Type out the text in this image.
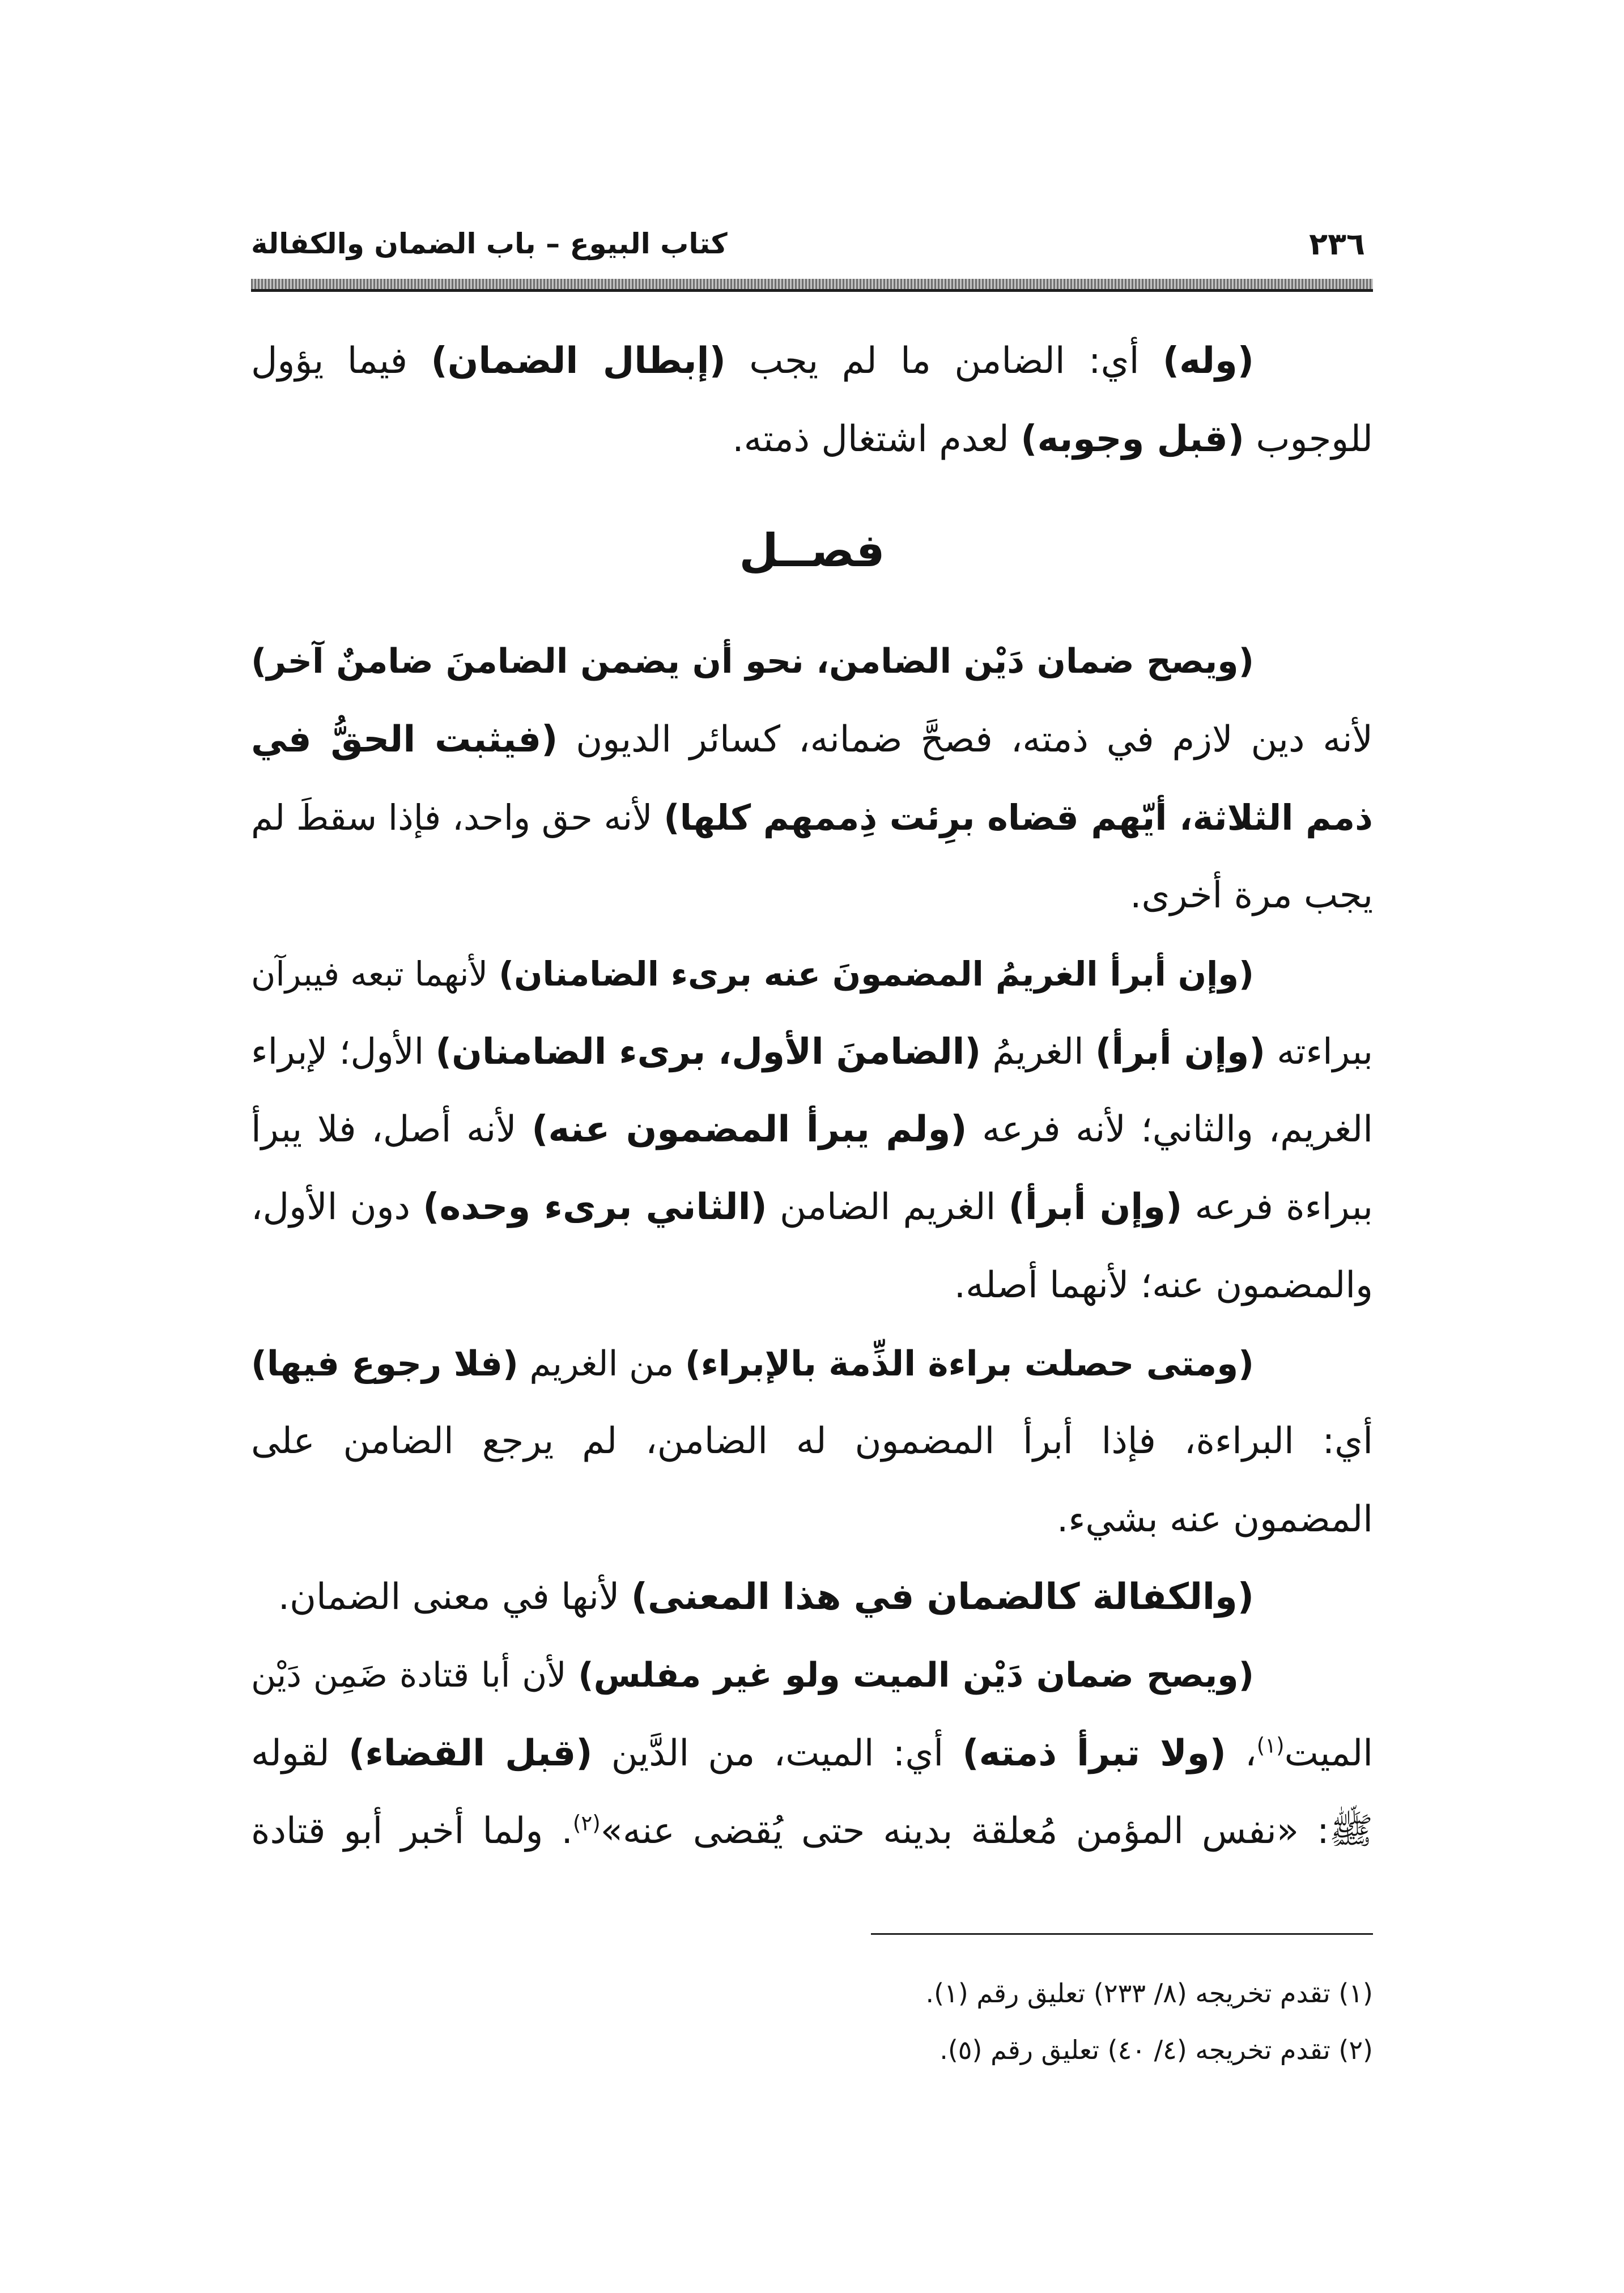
٢٣٦
كتاب البيوع – باب الضمان والكفالة
(وله) أي: الضامن ما لم يجب (إبطال الضمان) فيما يؤول
للوجوب (قبل وجوبه) لعدم اشتغال ذمته.
فصــل
(ويصح ضمان دَيْن الضامن، نحو أن يضمن الضامنَ ضامنٌ آخر)
لأنه دين لازم في ذمته، فصحَّ ضمانه، كسائر الديون (فيثبت الحقُّ في
ذمم الثلاثة، أيّهم قضاه برِئت ذِممهم كلها) لأنه حق واحد، فإذا سقطَ لم
يجب مرة أخرى.
(وإن أبرأ الغريمُ المضمونَ عنه برىء الضامنان) لأنهما تبعه فيبرآن
ببراءته (وإن أبرأ) الغريمُ (الضامنَ الأول، برىء الضامنان) الأول؛ لإبراء
الغريم، والثاني؛ لأنه فرعه (ولم يبرأ المضمون عنه) لأنه أصل، فلا يبرأ
ببراءة فرعه (وإن أبرأ) الغريم الضامن (الثاني برىء وحده) دون الأول،
والمضمون عنه؛ لأنهما أصله.
(ومتى حصلت براءة الذِّمة بالإبراء) من الغريم (فلا رجوع فيها)
أي: البراءة، فإذا أبرأ المضمون له الضامن، لم يرجع الضامن على
المضمون عنه بشيء.
(والكفالة كالضمان في هذا المعنى) لأنها في معنى الضمان.
(ويصح ضمان دَيْن الميت ولو غير مفلس) لأن أبا قتادة ضَمِن دَيْن
الميت$^{(١)}$، (ولا تبرأ ذمته) أي: الميت، من الدَّين (قبل القضاء) لقوله
ﷺ: «نفس المؤمن مُعلقة بدينه حتى يُقضى عنه»$^{(٢)}$. ولما أخبر أبو قتادة
(١) تقدم تخريجه (٨/ ٢٣٣) تعليق رقم (١).
(٢) تقدم تخريجه (٤/ ٤٠) تعليق رقم (٥).
